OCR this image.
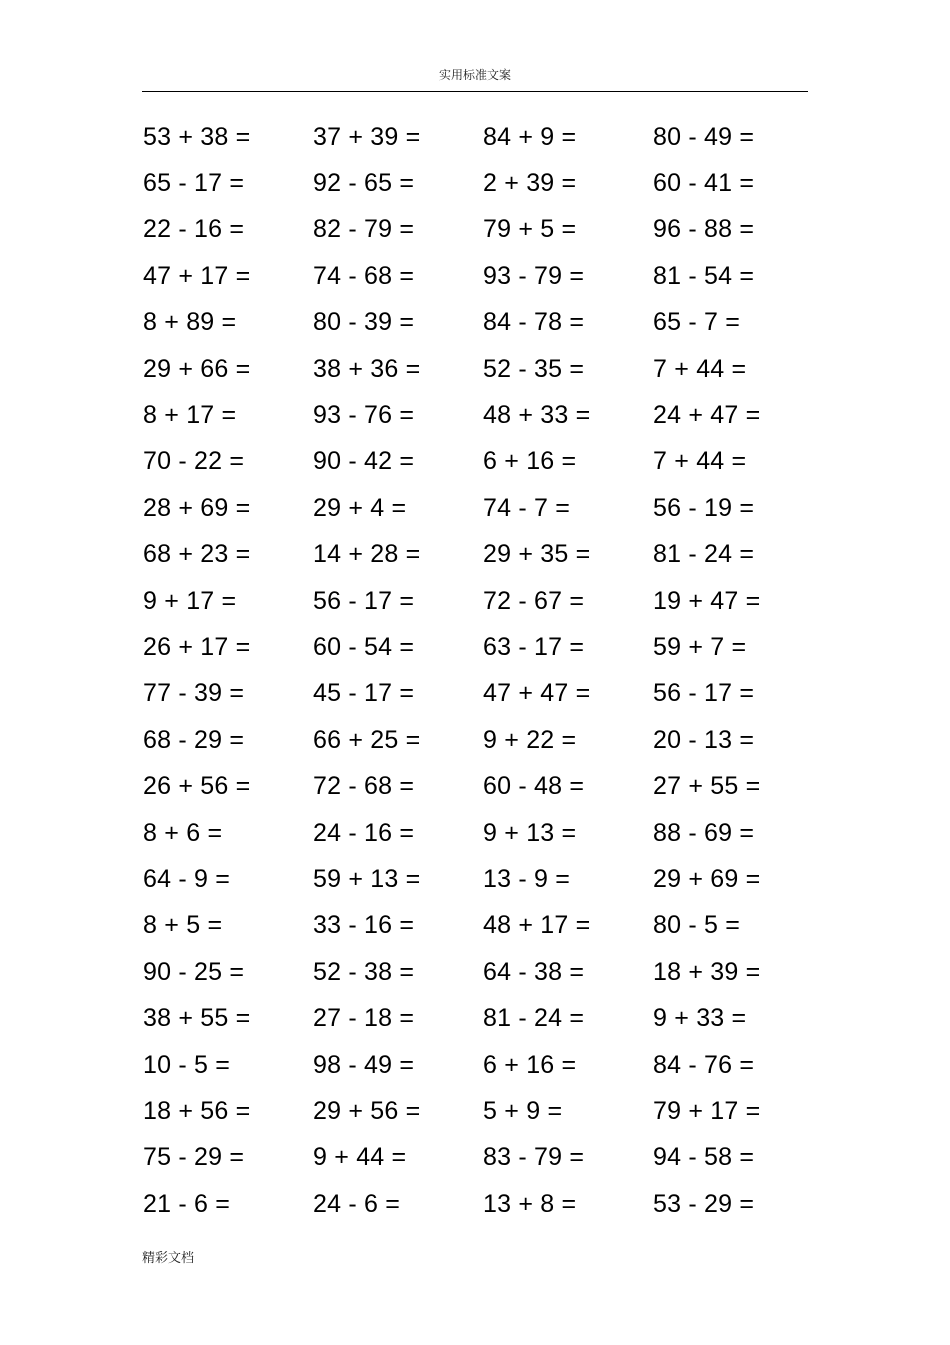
实用标准文案
53 + 38 =	37 + 39 =	84 + 9 =	80 - 49 =
65 - 17 =	92 - 65 =	2 + 39 =	60 - 41 =
22 - 16 =	82 - 79 =	79 + 5 =	96 - 88 =
47 + 17 =	74 - 68 =	93 - 79 =	81 - 54 =
8 + 89 =	80 - 39 =	84 - 78 =	65 - 7 =
29 + 66 =	38 + 36 =	52 - 35 =	7 + 44 =
8 + 17 =	93 - 76 =	48 + 33 =	24 + 47 =
70 - 22 =	90 - 42 =	6 + 16 =	7 + 44 =
28 + 69 =	29 + 4 =	74 - 7 =	56 - 19 =
68 + 23 =	14 + 28 =	29 + 35 =	81 - 24 =
9 + 17 =	56 - 17 =	72 - 67 =	19 + 47 =
26 + 17 =	60 - 54 =	63 - 17 =	59 + 7 =
77 - 39 =	45 - 17 =	47 + 47 =	56 - 17 =
68 - 29 =	66 + 25 =	9 + 22 =	20 - 13 =
26 + 56 =	72 - 68 =	60 - 48 =	27 + 55 =
8 + 6 =	24 - 16 =	9 + 13 =	88 - 69 =
64 - 9 =	59 + 13 =	13 - 9 =	29 + 69 =
8 + 5 =	33 - 16 =	48 + 17 =	80 - 5 =
90 - 25 =	52 - 38 =	64 - 38 =	18 + 39 =
38 + 55 =	27 - 18 =	81 - 24 =	9 + 33 =
10 - 5 =	98 - 49 =	6 + 16 =	84 - 76 =
18 + 56 =	29 + 56 =	5 + 9 =	79 + 17 =
75 - 29 =	9 + 44 =	83 - 79 =	94 - 58 =
21 - 6 =	24 - 6 =	13 + 8 =	53 - 29 =
精彩文档
